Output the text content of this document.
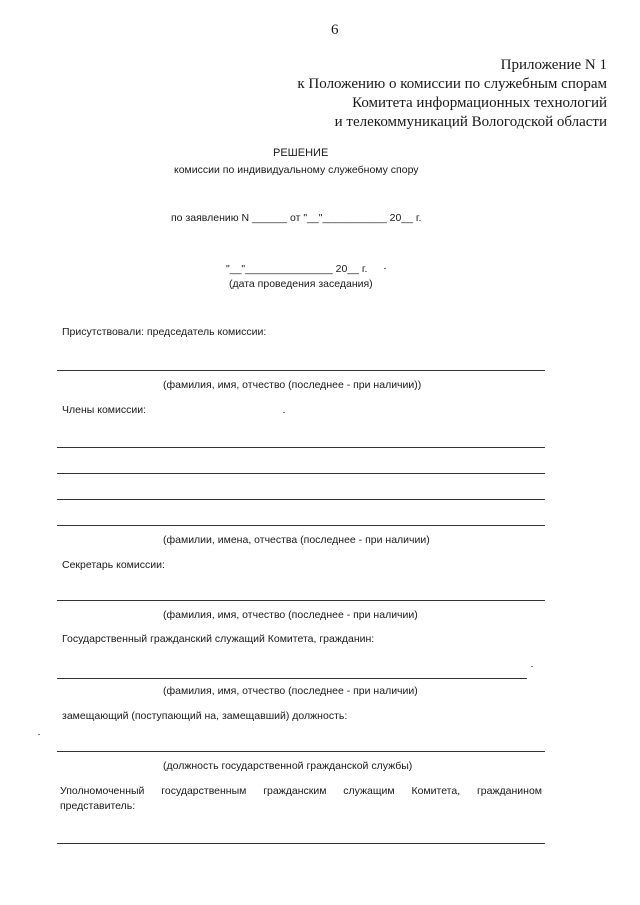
6
Приложение N 1
к Положению о комиссии по служебным спорам
Комитета информационных технологий
и телекоммуникаций Вологодской области
РЕШЕНИЕ
комиссии по индивидуальному служебному спору
по заявлению N ______ от "__"___________ 20__ г.
"__"_______________ 20__ г.
(дата проведения заседания)
Присутствовали: председатель комиссии:
(фамилия, имя, отчество (последнее - при наличии))
Члены комиссии:
(фамилии, имена, отчества (последнее - при наличии)
Секретарь комиссии:
(фамилия, имя, отчество (последнее - при наличии)
Государственный гражданский служащий Комитета, гражданин:
(фамилия, имя, отчество (последнее - при наличии)
замещающий (поступающий на, замещавший) должность:
(должность государственной гражданской службы)
Уполномоченный государственным гражданским служащим Комитета, гражданином
представитель:
